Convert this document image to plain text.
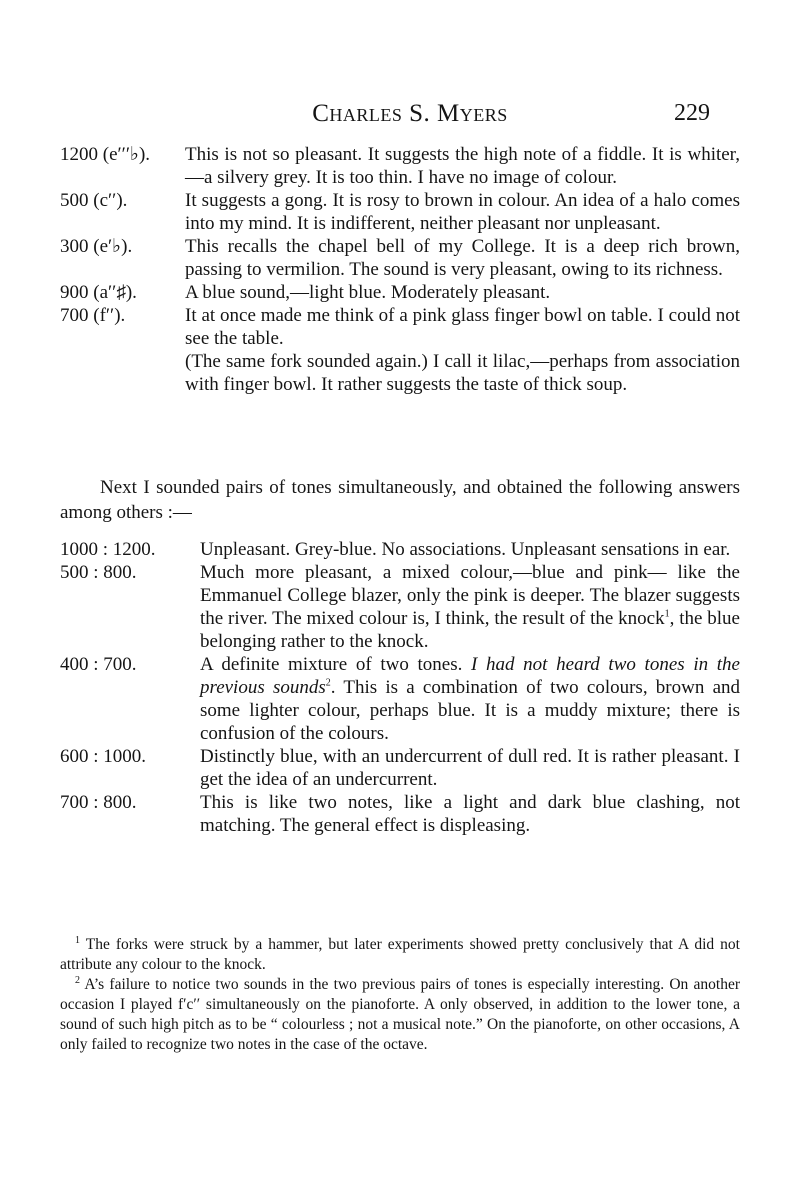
Charles S. Myers	229
1200 (e′′′♭).	This is not so pleasant. It suggests the high note of a fiddle. It is whiter,—a silvery grey. It is too thin. I have no image of colour.
500 (c′′).	It suggests a gong. It is rosy to brown in colour. An idea of a halo comes into my mind. It is indifferent, neither pleasant nor unpleasant.
300 (e′♭).	This recalls the chapel bell of my College. It is a deep rich brown, passing to vermilion. The sound is very pleasant, owing to its richness.
900 (a′′♯).	A blue sound,—light blue. Moderately pleasant.
700 (f′′).	It at once made me think of a pink glass finger bowl on table. I could not see the table.
(The same fork sounded again.) I call it lilac,—perhaps from association with finger bowl. It rather suggests the taste of thick soup.

Next I sounded pairs of tones simultaneously, and obtained the following answers among others :—

1000 : 1200.	Unpleasant. Grey-blue. No associations. Unpleasant sensations in ear.
500 : 800.	Much more pleasant, a mixed colour,—blue and pink— like the Emmanuel College blazer, only the pink is deeper. The blazer suggests the river. The mixed colour is, I think, the result of the knock$^1$, the blue belonging rather to the knock.
400 : 700.	A definite mixture of two tones. I had not heard two tones in the previous sounds$^2$. This is a combination of two colours, brown and some lighter colour, perhaps blue. It is a muddy mixture; there is confusion of the colours.
600 : 1000.	Distinctly blue, with an undercurrent of dull red. It is rather pleasant. I get the idea of an undercurrent.
700 : 800.	This is like two notes, like a light and dark blue clashing, not matching. The general effect is displeasing.
$^1$ The forks were struck by a hammer, but later experiments showed pretty conclusively that A did not attribute any colour to the knock.
$^2$ A’s failure to notice two sounds in the two previous pairs of tones is especially interesting. On another occasion I played f′c′′ simultaneously on the pianoforte. A only observed, in addition to the lower tone, a sound of such high pitch as to be “ colourless ; not a musical note.” On the pianoforte, on other occasions, A only failed to recognize two notes in the case of the octave.
